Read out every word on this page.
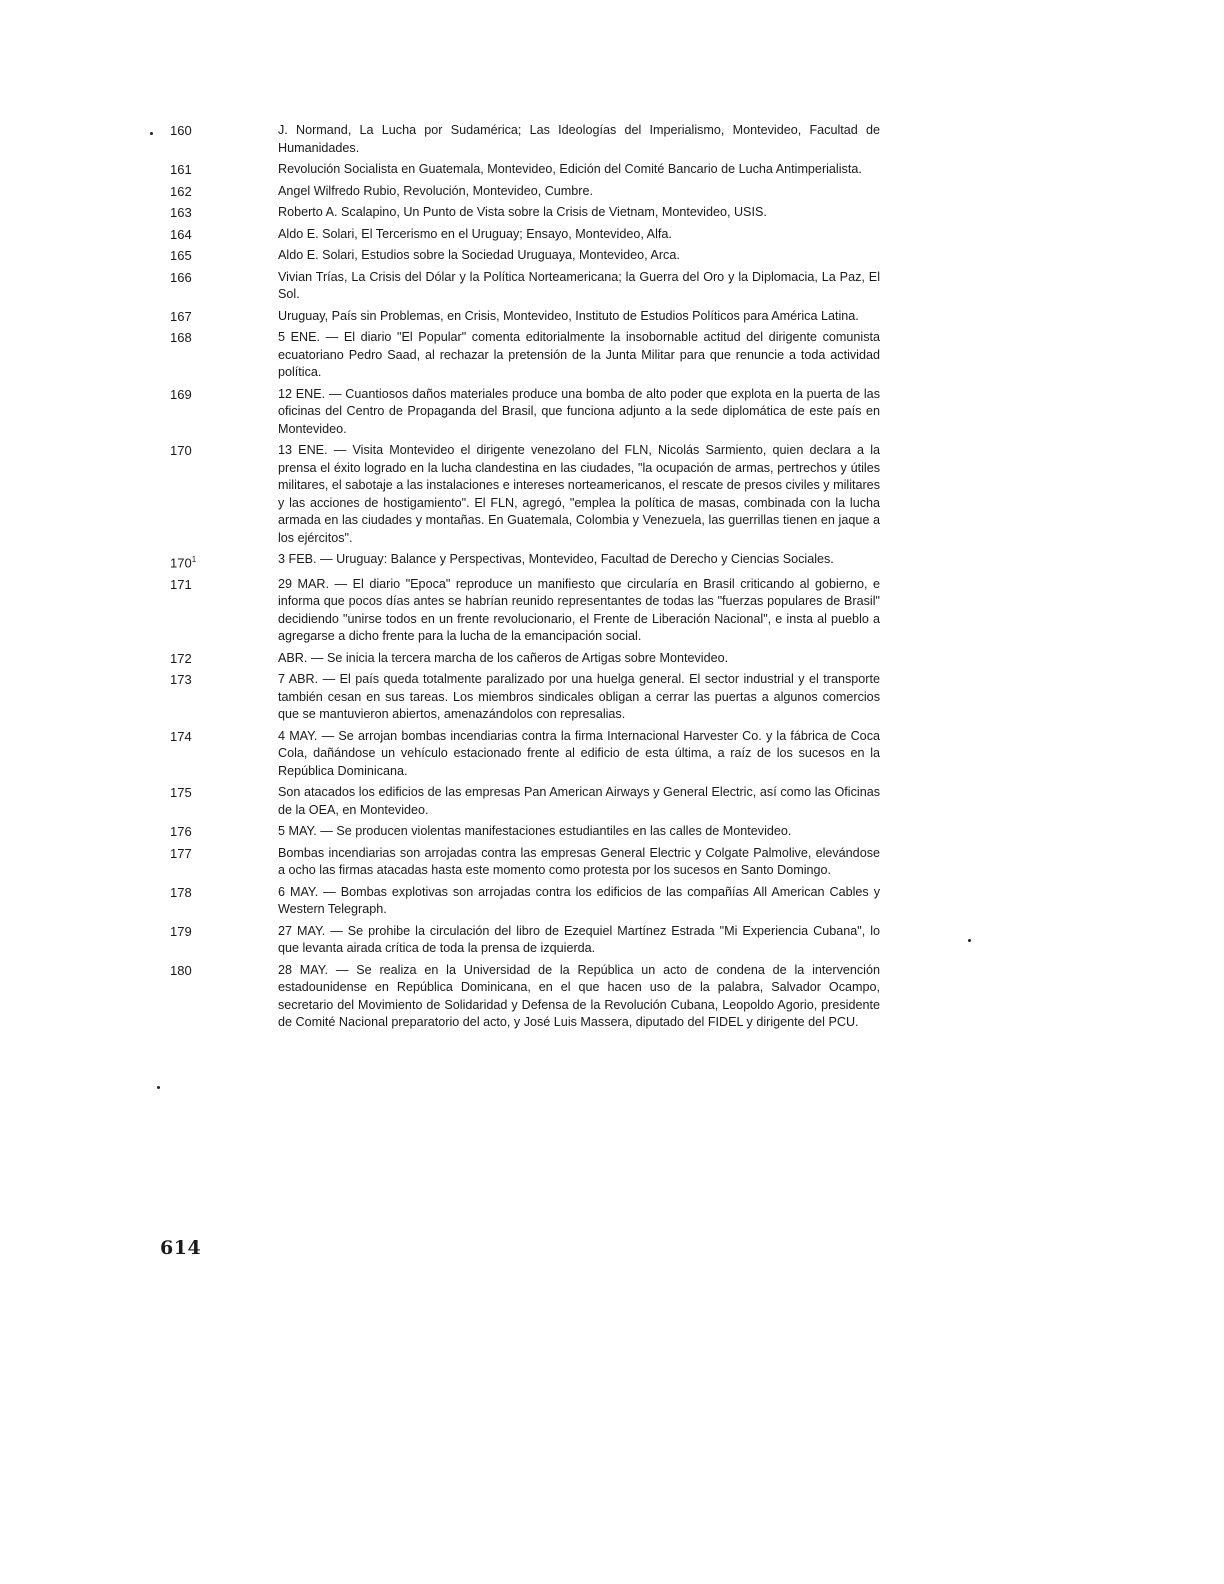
160	J. Normand, La Lucha por Sudamérica; Las Ideologías del Imperialismo, Montevideo, Facultad de Humanidades.
161	Revolución Socialista en Guatemala, Montevideo, Edición del Comité Bancario de Lucha Antimperialista.
162	Angel Wilfredo Rubio, Revolución, Montevideo, Cumbre.
163	Roberto A. Scalapino, Un Punto de Vista sobre la Crisis de Vietnam, Montevideo, USIS.
164	Aldo E. Solari, El Tercerismo en el Uruguay; Ensayo, Montevideo, Alfa.
165	Aldo E. Solari, Estudios sobre la Sociedad Uruguaya, Montevideo, Arca.
166	Vivian Trías, La Crisis del Dólar y la Política Norteamericana; la Guerra del Oro y la Diplomacia, La Paz, El Sol.
167	Uruguay, País sin Problemas, en Crisis, Montevideo, Instituto de Estudios Políticos para América Latina.
168	5 ENE. — El diario "El Popular" comenta editorialmente la insobornable actitud del dirigente comunista ecuatoriano Pedro Saad, al rechazar la pretensión de la Junta Militar para que renuncie a toda actividad política.
169	12 ENE. — Cuantiosos daños materiales produce una bomba de alto poder que explota en la puerta de las oficinas del Centro de Propaganda del Brasil, que funciona adjunto a la sede diplomática de este país en Montevideo.
170	13 ENE. — Visita Montevideo el dirigente venezolano del FLN, Nicolás Sarmiento, quien declara a la prensa el éxito logrado en la lucha clandestina en las ciudades, "la ocupación de armas, pertrechos y útiles militares, el sabotaje a las instalaciones e intereses norteamericanos, el rescate de presos civiles y militares y las acciones de hostigamiento". El FLN, agregó, "emplea la política de masas, combinada con la lucha armada en las ciudades y montañas. En Guatemala, Colombia y Venezuela, las guerrillas tienen en jaque a los ejércitos".
$170^1$	3 FEB. — Uruguay: Balance y Perspectivas, Montevideo, Facultad de Derecho y Ciencias Sociales.
171	29 MAR. — El diario "Epoca" reproduce un manifiesto que circularía en Brasil criticando al gobierno, e informa que pocos días antes se habrían reunido representantes de todas las "fuerzas populares de Brasil" decidiendo "unirse todos en un frente revolucionario, el Frente de Liberación Nacional", e insta al pueblo a agregarse a dicho frente para la lucha de la emancipación social.
172	ABR. — Se inicia la tercera marcha de los cañeros de Artigas sobre Montevideo.
173	7 ABR. — El país queda totalmente paralizado por una huelga general. El sector industrial y el transporte también cesan en sus tareas. Los miembros sindicales obligan a cerrar las puertas a algunos comercios que se mantuvieron abiertos, amenazándolos con represalias.
174	4 MAY. — Se arrojan bombas incendiarias contra la firma Internacional Harvester Co. y la fábrica de Coca Cola, dañándose un vehículo estacionado frente al edificio de esta última, a raíz de los sucesos en la República Dominicana.
175	Son atacados los edificios de las empresas Pan American Airways y General Electric, así como las Oficinas de la OEA, en Montevideo.
176	5 MAY. — Se producen violentas manifestaciones estudiantiles en las calles de Montevideo.
177	Bombas incendiarias son arrojadas contra las empresas General Electric y Colgate Palmolive, elevándose a ocho las firmas atacadas hasta este momento como protesta por los sucesos en Santo Domingo.
178	6 MAY. — Bombas explotivas son arrojadas contra los edificios de las compañías All American Cables y Western Telegraph.
179	27 MAY. — Se prohibe la circulación del libro de Ezequiel Martínez Estrada "Mi Experiencia Cubana", lo que levanta airada crítica de toda la prensa de izquierda.
180	28 MAY. — Se realiza en la Universidad de la República un acto de condena de la intervención estadounidense en República Dominicana, en el que hacen uso de la palabra, Salvador Ocampo, secretario del Movimiento de Solidaridad y Defensa de la Revolución Cubana, Leopoldo Agorio, presidente de Comité Nacional preparatorio del acto, y José Luis Massera, diputado del FIDEL y dirigente del PCU.
614
